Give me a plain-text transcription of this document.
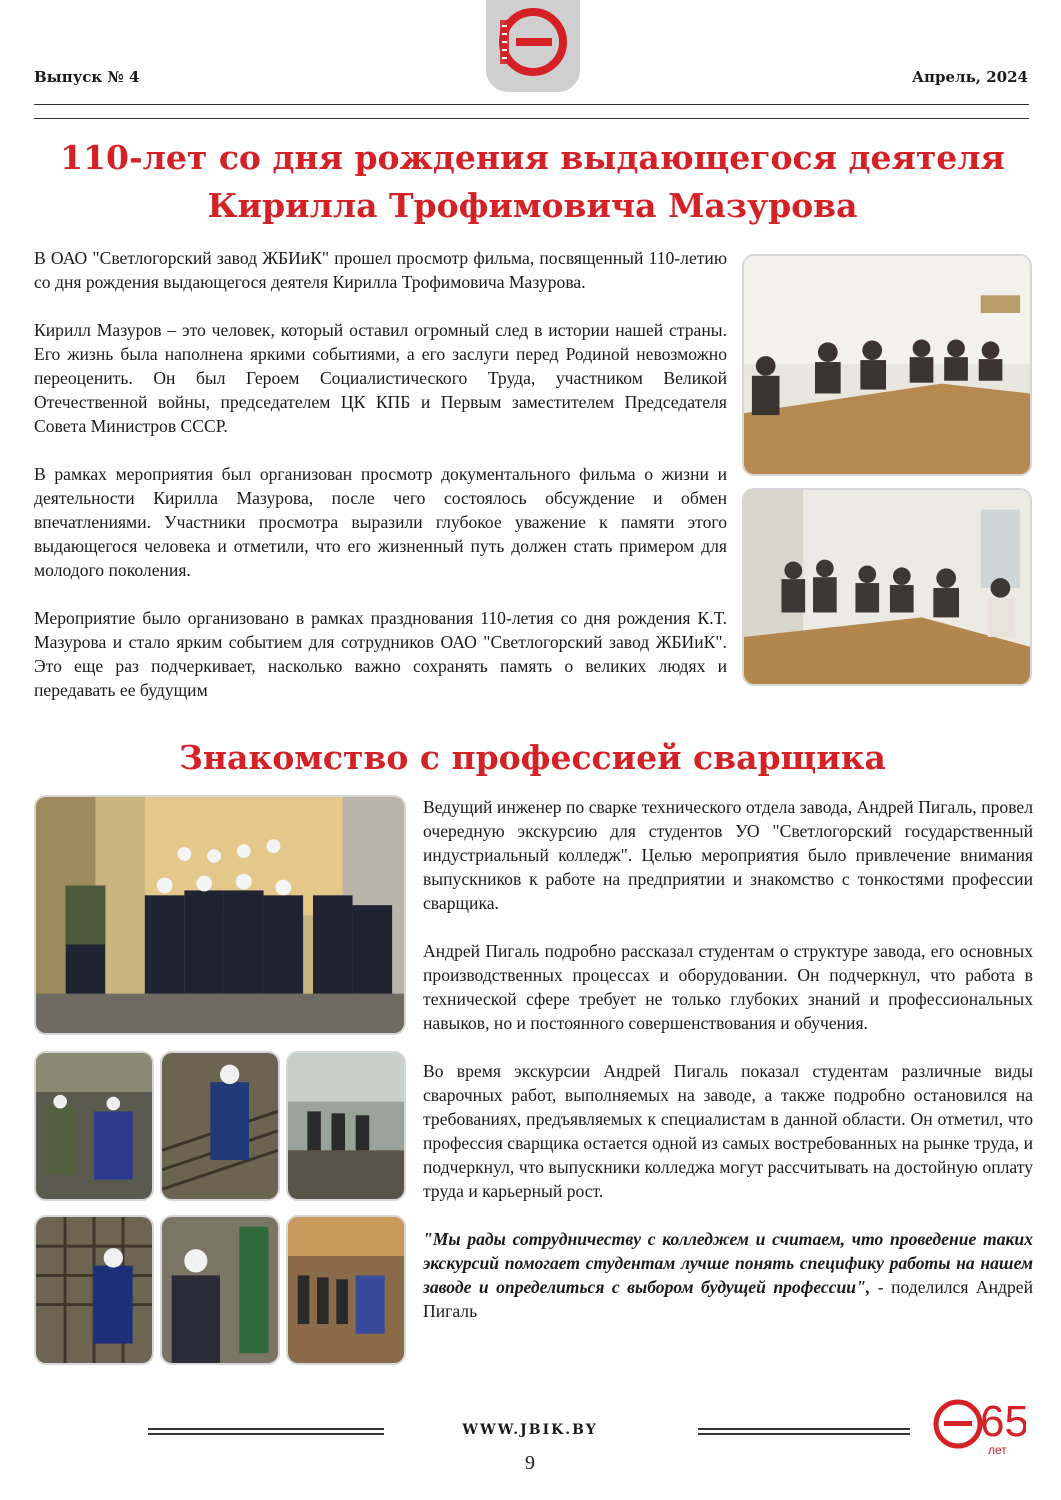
Выпуск № 4	Апрель, 2024
110-лет со дня рождения выдающегося деятеля
Кирилла Трофимовича Мазурова

В ОАО "Светлогорский завод ЖБИиК" прошел просмотр фильма, посвященный 110-летию со дня рождения выдающегося деятеля Кирилла Трофимовича Мазурова.

Кирилл Мазуров – это человек, который оставил огромный след в истории нашей страны. Его жизнь была наполнена яркими событиями, а его заслуги перед Родиной невозможно переоценить. Он был Героем Социалистического Труда, участником Великой Отечественной войны, председателем ЦК КПБ и Первым заместителем Председателя Совета Министров СССР.

В рамках мероприятия был организован просмотр документального фильма о жизни и деятельности Кирилла Мазурова, после чего состоялось обсуждение и обмен впечатлениями. Участники просмотра выразили глубокое уважение к памяти этого выдающегося человека и отметили, что его жизненный путь должен стать примером для молодого поколения.

Мероприятие было организовано в рамках празднования 110-летия со дня рождения К.Т. Мазурова и стало ярким событием для сотрудников ОАО "Светлогорский завод ЖБИиК". Это еще раз подчеркивает, насколько важно сохранять память о великих людях и передавать ее будущим

Знакомство с профессией сварщика

Ведущий инженер по сварке технического отдела завода, Андрей Пигаль, провел очередную экскурсию для студентов УО "Светлогорский государственный индустриальный колледж". Целью мероприятия было привлечение внимания выпускников к работе на предприятии и знакомство с тонкостями профессии сварщика.

Андрей Пигаль подробно рассказал студентам о структуре завода, его основных производственных процессах и оборудовании. Он подчеркнул, что работа в технической сфере требует не только глубоких знаний и профессиональных навыков, но и постоянного совершенствования и обучения.

Во время экскурсии Андрей Пигаль показал студентам различные виды сварочных работ, выполняемых на заводе, а также подробно остановился на требованиях, предъявляемых к специалистам в данной области. Он отметил, что профессия сварщика остается одной из самых востребованных на рынке труда, и подчеркнул, что выпускники колледжа могут рассчитывать на достойную оплату труда и карьерный рост.

"Мы рады сотрудничеству с колледжем и считаем, что проведение таких экскурсий помогает студентам лучше понять специфику работы на нашем заводе и определиться с выбором будущей профессии", - поделился Андрей Пигаль

WWW.JBIK.BY
9
65
лет
